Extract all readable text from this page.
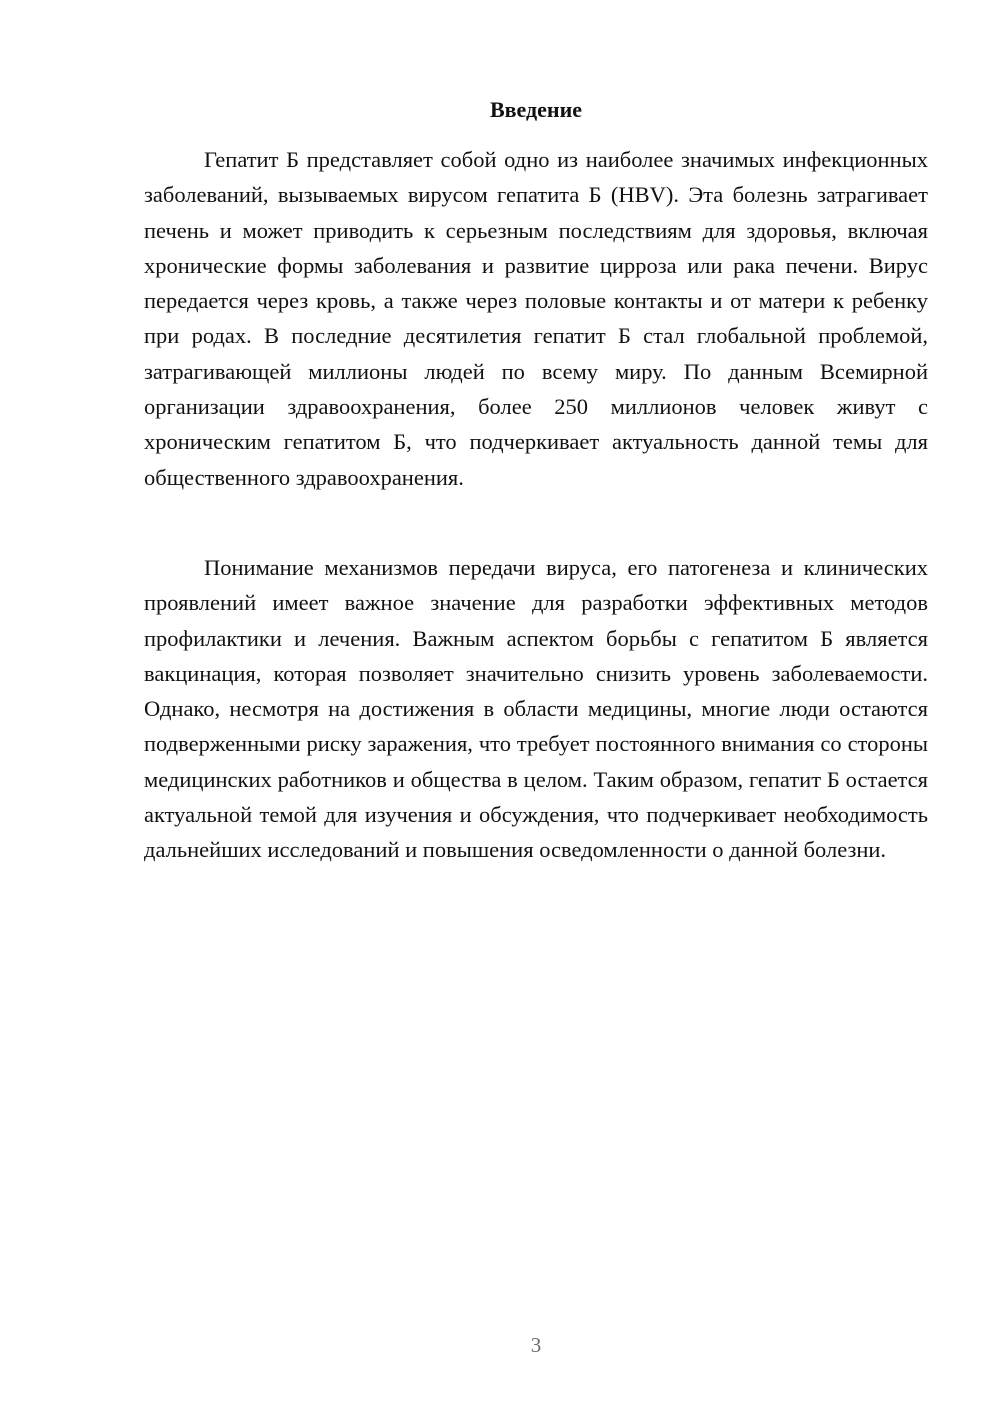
Введение

Гепатит Б представляет собой одно из наиболее значимых инфекционных заболеваний, вызываемых вирусом гепатита Б (HBV). Эта болезнь затрагивает печень и может приводить к серьезным последствиям для здоровья, включая хронические формы заболевания и развитие цирроза или рака печени. Вирус передается через кровь, а также через половые контакты и от матери к ребенку при родах. В последние десятилетия гепатит Б стал глобальной проблемой, затрагивающей миллионы людей по всему миру. По данным Всемирной организации здравоохранения, более 250 миллионов человек живут с хроническим гепатитом Б, что подчеркивает актуальность данной темы для общественного здравоохранения.

Понимание механизмов передачи вируса, его патогенеза и клинических проявлений имеет важное значение для разработки эффективных методов профилактики и лечения. Важным аспектом борьбы с гепатитом Б является вакцинация, которая позволяет значительно снизить уровень заболеваемости. Однако, несмотря на достижения в области медицины, многие люди остаются подверженными риску заражения, что требует постоянного внимания со стороны медицинских работников и общества в целом. Таким образом, гепатит Б остается актуальной темой для изучения и обсуждения, что подчеркивает необходимость дальнейших исследований и повышения осведомленности о данной болезни.

3
